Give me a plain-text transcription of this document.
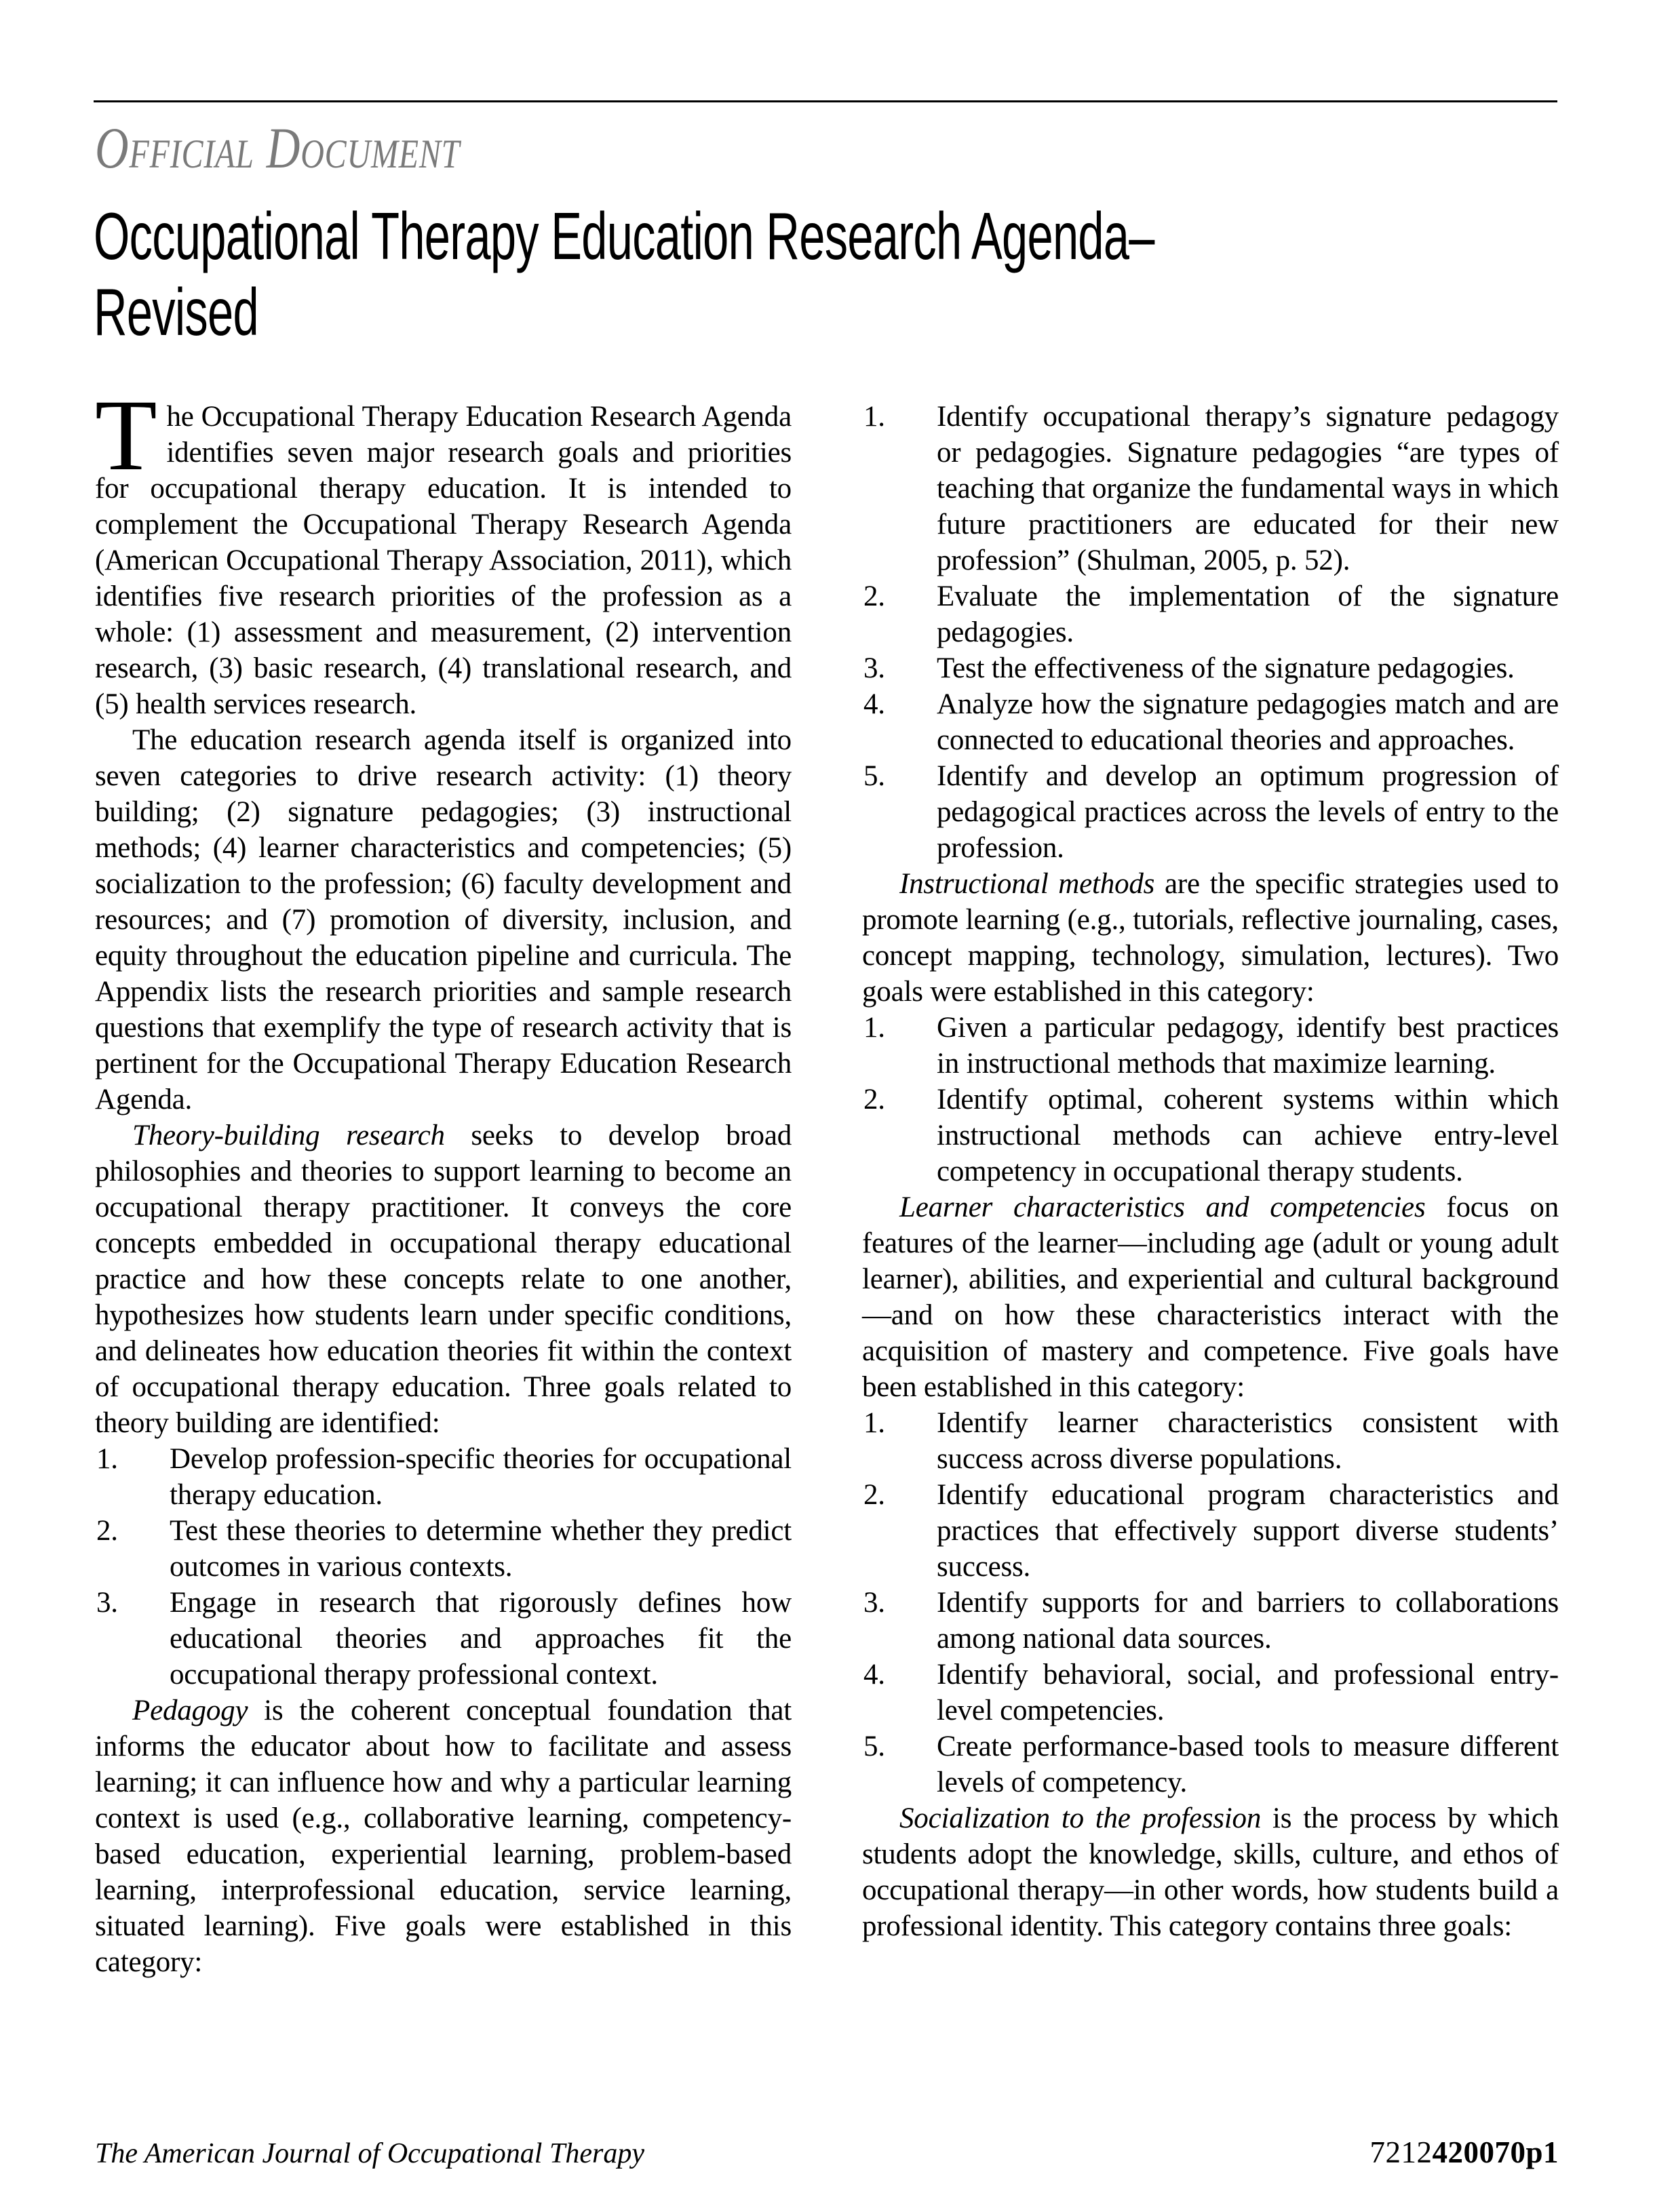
Official Document
Occupational Therapy Education Research Agenda–
Revised

The Occupational Therapy Education Research Agenda identifies seven major research goals and priorities for occupational therapy education. It is intended to complement the Occupational Therapy Research Agenda (American Occupational Therapy Association, 2011), which identifies five research priorities of the profession as a whole: (1) assessment and measurement, (2) intervention research, (3) basic research, (4) translational research, and (5) health services research.

The education research agenda itself is organized into seven categories to drive research activity: (1) theory building; (2) signature pedagogies; (3) instructional methods; (4) learner characteristics and competencies; (5) socialization to the profession; (6) faculty development and resources; and (7) promotion of diversity, inclusion, and equity throughout the education pipeline and curricula. The Appendix lists the research priorities and sample research questions that exemplify the type of research activity that is pertinent for the Occupational Therapy Education Research Agenda.

Theory-building research seeks to develop broad philosophies and theories to support learning to become an occupational therapy practitioner. It conveys the core concepts embedded in occupational therapy educational practice and how these concepts relate to one another, hypothesizes how students learn under specific conditions, and delineates how education theories fit within the context of occupational therapy education. Three goals related to theory building are identified:

1. Develop profession-specific theories for occupational therapy education.
2. Test these theories to determine whether they predict outcomes in various contexts.
3. Engage in research that rigorously defines how educational theories and approaches fit the occupational therapy professional context.

Pedagogy is the coherent conceptual foundation that informs the educator about how to facilitate and assess learning; it can influence how and why a particular learning context is used (e.g., collaborative learning, competency-based education, experiential learning, problem-based learning, interprofessional education, service learning, situated learning). Five goals were established in this category:

1. Identify occupational therapy’s signature pedagogy or pedagogies. Signature pedagogies “are types of teaching that organize the fundamental ways in which future practitioners are educated for their new profession” (Shulman, 2005, p. 52).
2. Evaluate the implementation of the signature pedagogies.
3. Test the effectiveness of the signature pedagogies.
4. Analyze how the signature pedagogies match and are connected to educational theories and approaches.
5. Identify and develop an optimum progression of pedagogical practices across the levels of entry to the profession.

Instructional methods are the specific strategies used to promote learning (e.g., tutorials, reflective journaling, cases, concept mapping, technology, simulation, lectures). Two goals were established in this category:

1. Given a particular pedagogy, identify best practices in instructional methods that maximize learning.
2. Identify optimal, coherent systems within which instructional methods can achieve entry-level competency in occupational therapy students.

Learner characteristics and competencies focus on features of the learner—including age (adult or young adult learner), abilities, and experiential and cultural background—and on how these characteristics interact with the acquisition of mastery and competence. Five goals have been established in this category:

1. Identify learner characteristics consistent with success across diverse populations.
2. Identify educational program characteristics and practices that effectively support diverse students’ success.
3. Identify supports for and barriers to collaborations among national data sources.
4. Identify behavioral, social, and professional entry-level competencies.
5. Create performance-based tools to measure different levels of competency.

Socialization to the profession is the process by which students adopt the knowledge, skills, culture, and ethos of occupational therapy—in other words, how students build a professional identity. This category contains three goals:

The American Journal of Occupational Therapy	7212420070p1
